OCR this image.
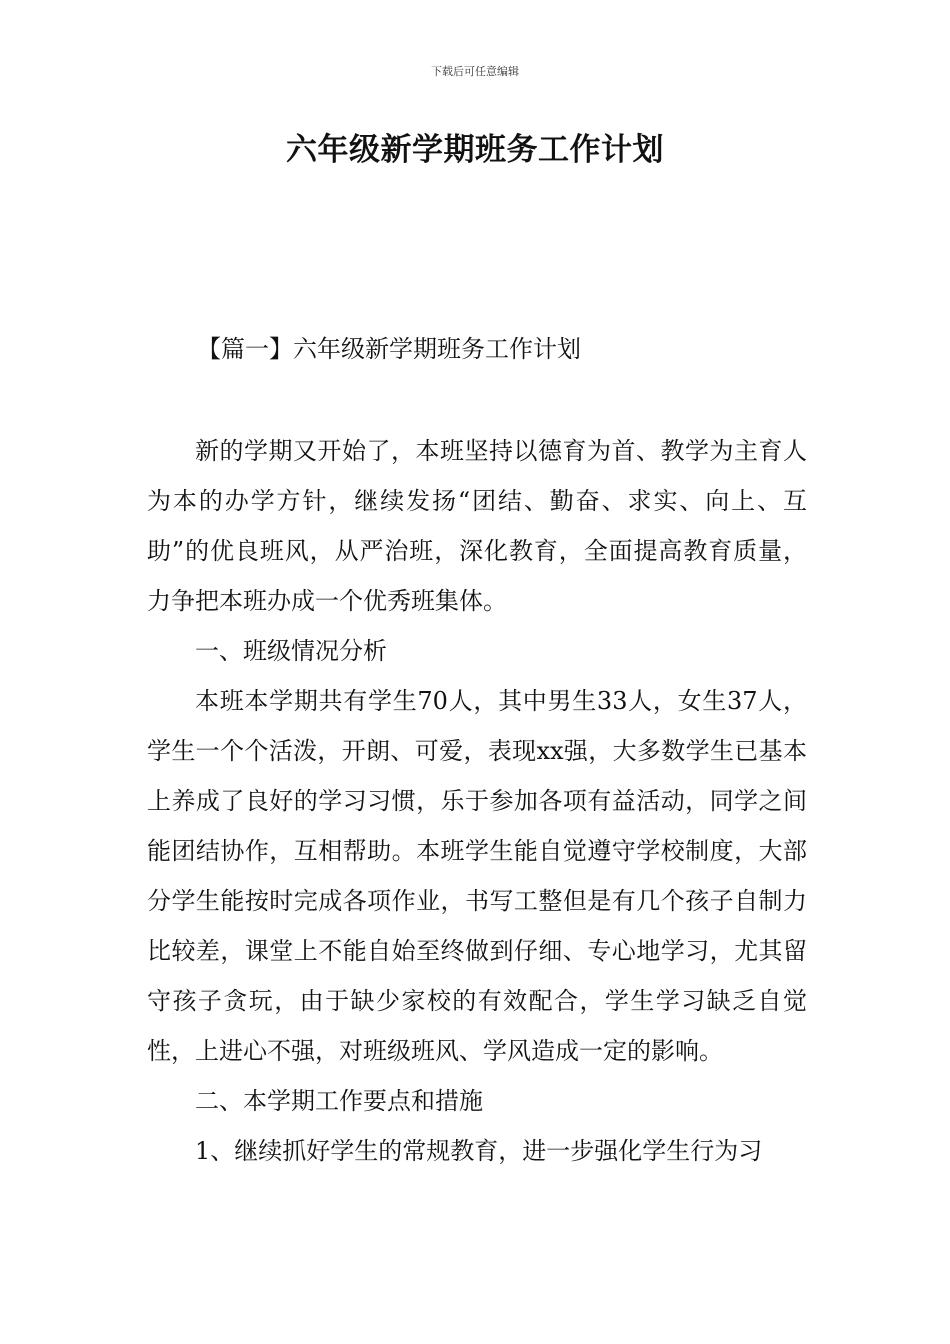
下载后可任意编辑
六年级新学期班务工作计划
【篇一】六年级新学期班务工作计划

新的学期又开始了，本班坚持以德育为首、教学为主育人为本的办学方针，继续发扬“团结、勤奋、求实、向上、互助”的优良班风，从严治班，深化教育，全面提高教育质量，力争把本班办成一个优秀班集体。

一、班级情况分析

本班本学期共有学生70人，其中男生33人，女生37人，学生一个个活泼，开朗、可爱，表现xx强，大多数学生已基本上养成了良好的学习习惯，乐于参加各项有益活动，同学之间能团结协作，互相帮助。本班学生能自觉遵守学校制度，大部分学生能按时完成各项作业，书写工整但是有几个孩子自制力比较差，课堂上不能自始至终做到仔细、专心地学习，尤其留守孩子贪玩，由于缺少家校的有效配合，学生学习缺乏自觉性，上进心不强，对班级班风、学风造成一定的影响。

二、本学期工作要点和措施

1、继续抓好学生的常规教育，进一步强化学生行为习
